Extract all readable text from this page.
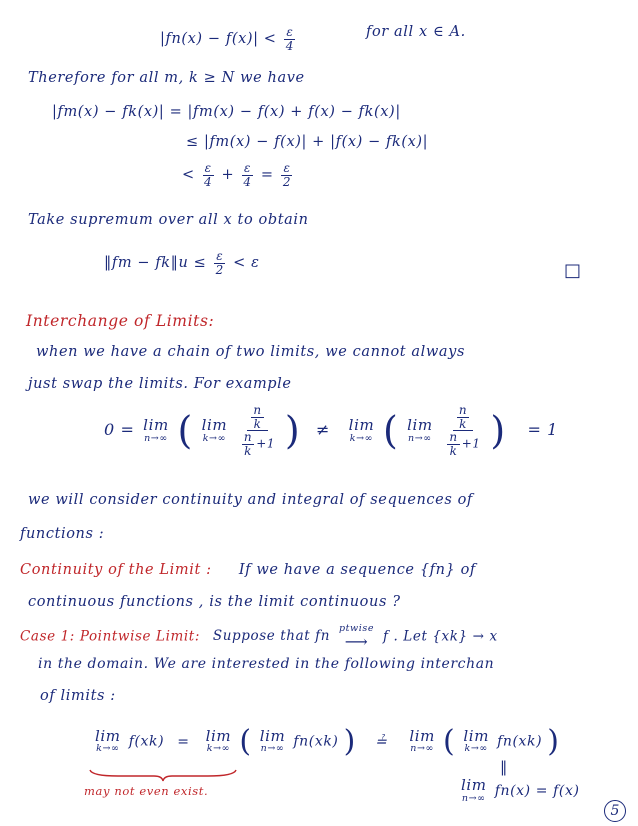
$|fn(x) - f(x)| < \frac{\varepsilon}{4}$	for all x ∈ A.
Therefore for all m, k ≥ N we have
|fm(x) − fk(x)| = |fm(x) − f(x) + f(x) − fk(x)|
≤ |fm(x) − f(x)| + |f(x) − fk(x)|
< $\frac{\varepsilon}{4} + \frac{\varepsilon}{4} = \frac{\varepsilon}{2}$
Take supremum over all x to obtain
‖fm − fk‖u ≤ $\frac{\varepsilon}{2} < \varepsilon$	□
Interchange of Limits:
when we have a chain of two limits, we cannot always
just swap the limits. For example
0 = lim
n→∞ ( lim
k→∞
$\frac{\frac{n}{k}}{\frac{n}{k} +1}$ ) ≠ lim
k→∞ ( lim
n→∞
$\frac{\frac{n}{k}}{\frac{n}{k} +1}$ ) = 1
we will consider continuity and integral of sequences of
functions :
Continuity of the Limit : If we have a sequence {fn} of
continuous functions , is the limit continuous ?
Case 1: Pointwise Limit: Suppose that fn ptwise
⟶ f . Let {xk} → x
in the domain. We are interested in the following interchan
of limits :
lim
k→∞ f(xk) = lim
k→∞ ( lim
n→∞ fn(xk) ) ≟ lim
n→∞ ( lim
k→∞ fn(xk) )
‖
lim
n→∞ fn(x) = f(x)
may not even exist.
5
